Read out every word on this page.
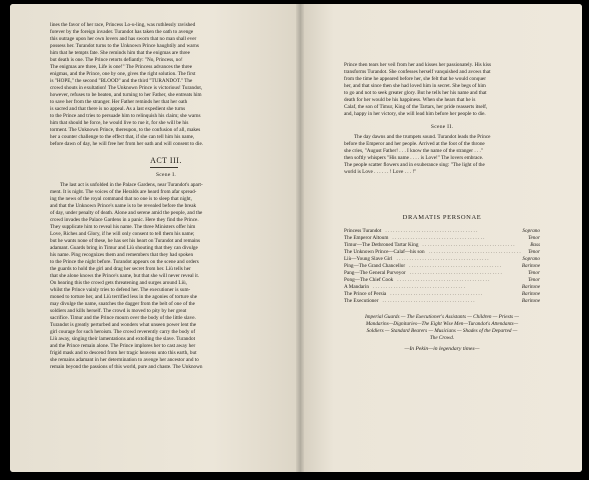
lines the favor of her race, Princess Lo-u-ling, was ruthlessly ravished
forever by the foreign invader. Turandot has taken the oath to avenge
this outrage upon her own lovers and has sworn that no man shall ever
possess her. Turandot turns to the Unknown Prince haughtily and warns
him that he tempts fate. She reminds him that the enigmas are three
but death is one. The Prince retorts defiantly: "No, Princess, no!
The enigmas are three, Life is one!" The Princess advances the three
enigmas, and the Prince, one by one, gives the right solution. The first
is "HOPE," the second "BLOOD" and the third "TURANDOT." The
crowd shouts in exultation! The Unknown Prince is victorious! Turandot,
however, refuses to be beaten, and turning to her Father, she entreats him
to save her from the stranger. Her Father reminds her that her oath
is sacred and that there is no appeal. As a last expedient she turns
to the Prince and tries to persuade him to relinquish his claim; she warns
him that should he force, he would live to rue it, for she will be his
torment. The Unknown Prince, thereupon, to the confusion of all, makes
her a counter challenge to the effect that, if she can tell him his name,
before dawn of day, he will free her from her oath and will consent to die.
ACT III.
Scene I.
The last act is unfolded in the Palace Gardens, near Turandot's apart-
ment. It is night. The voices of the Heralds are heard from afar spread-
ing the news of the royal command that no one is to sleep that night,
and that the Unknown Prince's name is to be revealed before the break
of day, under penalty of death. Alone and serene amid the people, and the
crowd invades the Palace Gardens in a panic. Here they find the Prince.
They supplicate him to reveal his name. The three Ministers offer him
Love, Riches and Glory, if he will only consent to tell them his name;
but he wants none of these, he has set his heart on Turandot and remains
adamant. Guards bring in Timur and Liù shouting that they can divulge
his name. Ping recognizes them and remembers that they had spoken
to the Prince the night before. Turandot appears on the scene and orders
the guards to hold the girl and drag her secret from her. Liù tells her
that she alone knows the Prince's name, but that she will never reveal it.
On hearing this the crowd gets threatening and surges around Liù,
whilst the Prince vainly tries to defend her. The executioner is sum-
moned to torture her, and Liù terrified less in the agonies of torture she
may divulge the name, snatches the dagger from the belt of one of the
soldiers and kills herself. The crowd is moved to pity by her great
sacrifice. Timur and the Prince mourn over the body of the little slave.
Turandot is greatly perturbed and wonders what unseen power lent the
girl courage for such heroism. The crowd reverently carry the body of
Liù away, singing their lamentations and extolling the slave. Turandot
and the Prince remain alone. The Prince implores her to cast away her
frigid mask and to descend from her tragic heavens unto this earth, but
she remains adamant in her determination to avenge her ancestor and to
remain beyond the passions of this world, pure and chaste. The Unknown
Prince then tears her veil from her and kisses her passionately. His kiss
transforms Turandot. She confesses herself vanquished and avows that
from the time he appeared before her, she felt that he would conquer
her, and that since then she had loved him in secret. She begs of him
to go and not to seek greater glory. But he tells her his name and that
death for her would be his happiness. When she hears that he is
Calaf, the son of Timur, King of the Tartars, her pride reasserts itself,
and, happy in her victory, she will lead him before her people to die.
Scene II.
The day dawns and the trumpets sound. Turandot leads the Prince
before the Emperor and her people. Arrived at the foot of the throne
she cries, "August Father! . . . I know the name of the stranger . . ."
then softly whispers "His name . . . . is Love!" The lovers embrace.
The people scatter flowers and in exuberance sing: "The light of the
world is Love . . . . . . ! Love . . . !"
DRAMATIS PERSONAE
Princess Turandot . . . . . . . . . . . . . . . . . . . . . . . . . . . . . . . . . . . .	Soprano
The Emperor Altoum . . . . . . . . . . . . . . . . . . . . . . . . . . . . . . . . . . . .	Tenor
Timur—The Dethroned Tartar King . . . . . . . . . . . . . . . . . . . . . . . . . . . . . . . . . . . .	Bass
The Unknown Prince—Calaf—his son . . . . . . . . . . . . . . . . . . . . . . . . . . . . . . . . . . . .	Tenor
Liù—Young Slave Girl . . . . . . . . . . . . . . . . . . . . . . . . . . . . . . . . . . . .	Soprano
Ping—The Grand Chancellor . . . . . . . . . . . . . . . . . . . . . . . . . . . . . . . . . . . .	Baritone
Pang—The General Purveyor . . . . . . . . . . . . . . . . . . . . . . . . . . . . . . . . . . . .	Tenor
Pong—The Chief Cook . . . . . . . . . . . . . . . . . . . . . . . . . . . . . . . . . . . .	Tenor
A Mandarin . . . . . . . . . . . . . . . . . . . . . . . . . . . . . . . . . . . .	Baritone
The Prince of Persia . . . . . . . . . . . . . . . . . . . . . . . . . . . . . . . . . . . .	Baritone
The Executioner . . . . . . . . . . . . . . . . . . . . . . . . . . . . . . . . . . . .	Baritone
Imperial Guards — The Executioner's Assistants — Children — Priests —
Mandarins—Dignitaries—The Eight Wise Men—Turandot's Attendants—
Soldiers — Standard Bearers — Musicians — Shades of the Departed —
The Crowd.
—In Pekin—in legendary times—
